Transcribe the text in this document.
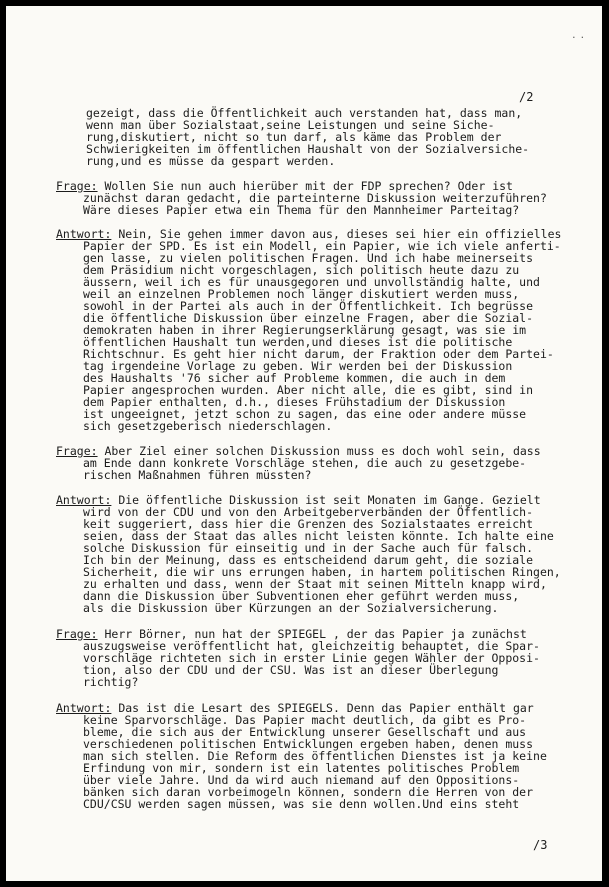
..
/2
gezeigt, dass die Öffentlichkeit auch verstanden hat, dass man,
wenn man über Sozialstaat,seine Leistungen und seine Siche-
rung,diskutiert, nicht so tun darf, als käme das Problem der
Schwierigkeiten im öffentlichen Haushalt von der Sozialversiche-
rung,und es müsse da gespart werden.
Frage: Wollen Sie nun auch hierüber mit der FDP sprechen? Oder ist
zunächst daran gedacht, die parteinterne Diskussion weiterzuführen?
Wäre dieses Papier etwa ein Thema für den Mannheimer Parteitag?
Antwort: Nein, Sie gehen immer davon aus, dieses sei hier ein offizielles
Papier der SPD. Es ist ein Modell, ein Papier, wie ich viele anferti-
gen lasse, zu vielen politischen Fragen. Und ich habe meinerseits
dem Präsidium nicht vorgeschlagen, sich politisch heute dazu zu
äussern, weil ich es für unausgegoren und unvollständig halte, und
weil an einzelnen Problemen noch länger diskutiert werden muss,
sowohl in der Partei als auch in der Öffentlichkeit. Ich begrüsse
die öffentliche Diskussion über einzelne Fragen, aber die Sozial-
demokraten haben in ihrer Regierungserklärung gesagt, was sie im
öffentlichen Haushalt tun werden,und dieses ist die politische
Richtschnur. Es geht hier nicht darum, der Fraktion oder dem Partei-
tag irgendeine Vorlage zu geben. Wir werden bei der Diskussion
des Haushalts '76 sicher auf Probleme kommen, die auch in dem
Papier angesprochen wurden. Aber nicht alle, die es gibt, sind in
dem Papier enthalten, d.h., dieses Frühstadium der Diskussion
ist ungeeignet, jetzt schon zu sagen, das eine oder andere müsse
sich gesetzgeberisch niederschlagen.
Frage: Aber Ziel einer solchen Diskussion muss es doch wohl sein, dass
am Ende dann konkrete Vorschläge stehen, die auch zu gesetzgebe-
rischen Maßnahmen führen müssten?
Antwort: Die öffentliche Diskussion ist seit Monaten im Gange. Gezielt
wird von der CDU und von den Arbeitgeberverbänden der Öffentlich-
keit suggeriert, dass hier die Grenzen des Sozialstaates erreicht
seien, dass der Staat das alles nicht leisten könnte. Ich halte eine
solche Diskussion für einseitig und in der Sache auch für falsch.
Ich bin der Meinung, dass es entscheidend darum geht, die soziale
Sicherheit, die wir uns errungen haben, in hartem politischen Ringen,
zu erhalten und dass, wenn der Staat mit seinen Mitteln knapp wird,
dann die Diskussion über Subventionen eher geführt werden muss,
als die Diskussion über Kürzungen an der Sozialversicherung.
Frage: Herr Börner, nun hat der SPIEGEL , der das Papier ja zunächst
auszugsweise veröffentlicht hat, gleichzeitig behauptet, die Spar-
vorschläge richteten sich in erster Linie gegen Wähler der Opposi-
tion, also der CDU und der CSU. Was ist an dieser Überlegung
richtig?
Antwort: Das ist die Lesart des SPIEGELS. Denn das Papier enthält gar
keine Sparvorschläge. Das Papier macht deutlich, da gibt es Pro-
bleme, die sich aus der Entwicklung unserer Gesellschaft und aus
verschiedenen politischen Entwicklungen ergeben haben, denen muss
man sich stellen. Die Reform des öffentlichen Dienstes ist ja keine
Erfindung von mir, sondern ist ein latentes politisches Problem
über viele Jahre. Und da wird auch niemand auf den Oppositions-
bänken sich daran vorbeimogeln können, sondern die Herren von der
CDU/CSU werden sagen müssen, was sie denn wollen.Und eins steht
/3
